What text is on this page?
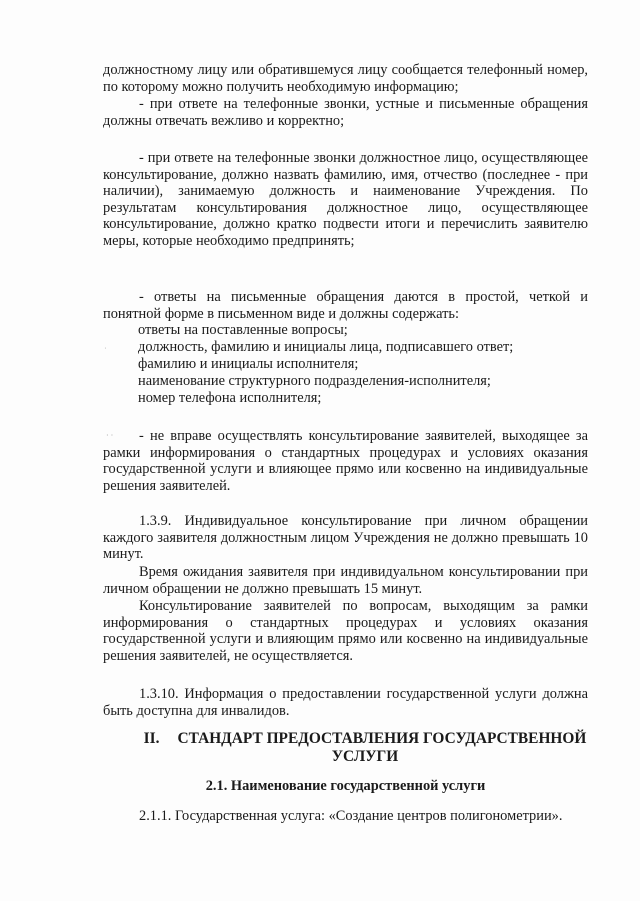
должностному лицу или обратившемуся лицу сообщается телефонный номер, по которому можно получить необходимую информацию;

- при ответе на телефонные звонки, устные и письменные обращения должны отвечать вежливо и корректно;

- при ответе на телефонные звонки должностное лицо, осуществляющее консультирование, должно назвать фамилию, имя, отчество (последнее - при наличии), занимаемую должность и наименование Учреждения. По результатам консультирования должностное лицо, осуществляющее консультирование, должно кратко подвести итоги и перечислить заявителю меры, которые необходимо предпринять;

- ответы на письменные обращения даются в простой, четкой и понятной форме в письменном виде и должны содержать:

ответы на поставленные вопросы;

должность, фамилию и инициалы лица, подписавшего ответ;

фамилию и инициалы исполнителя;

наименование структурного подразделения-исполнителя;

номер телефона исполнителя;

˙
· ·	- не вправе осуществлять консультирование заявителей, выходящее за рамки информирования о стандартных процедурах и условиях оказания государственной услуги и влияющее прямо или косвенно на индивидуальные решения заявителей.

1.3.9. Индивидуальное консультирование при личном обращении каждого заявителя должностным лицом Учреждения не должно превышать 10 минут.

Время ожидания заявителя при индивидуальном консультировании при личном обращении не должно превышать 15 минут.

Консультирование заявителей по вопросам, выходящим за рамки информирования о стандартных процедурах и условиях оказания государственной услуги и влияющим прямо или косвенно на индивидуальные решения заявителей, не осуществляется.

1.3.10. Информация о предоставлении государственной услуги должна быть доступна для инвалидов.

II. СТАНДАРТ ПРЕДОСТАВЛЕНИЯ ГОСУДАРСТВЕННОЙ УСЛУГИ

2.1. Наименование государственной услуги

2.1.1. Государственная услуга: «Создание центров полигонометрии».
